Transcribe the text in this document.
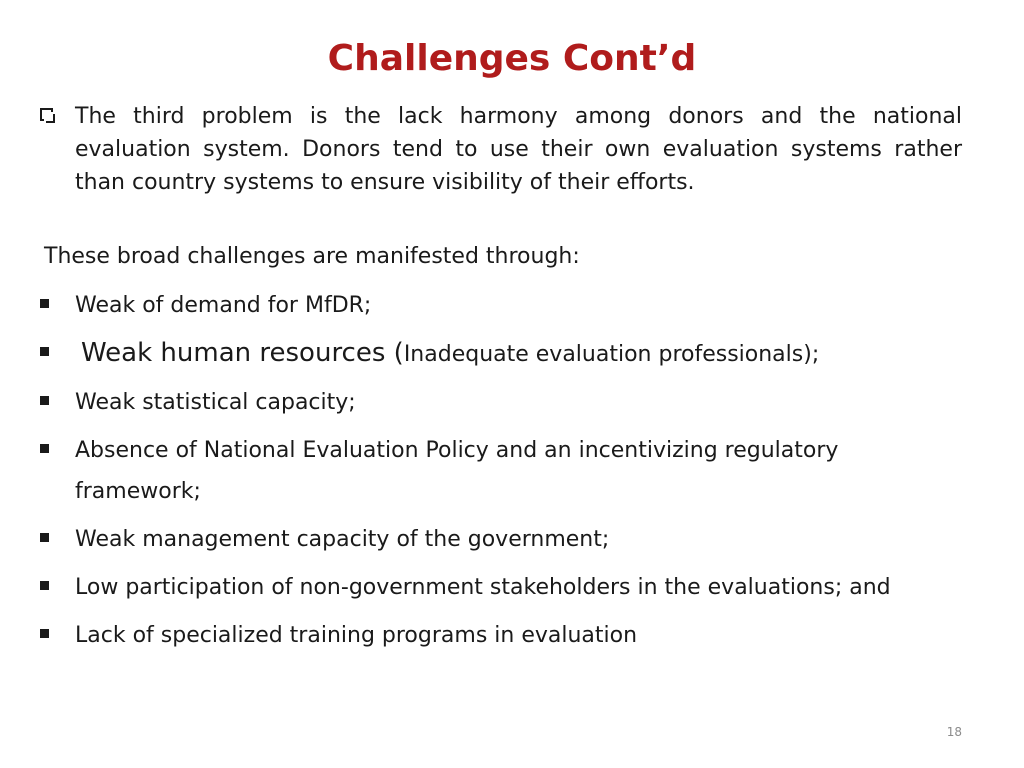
Challenges Cont’d

The third problem is the lack harmony among donors and the national evaluation system. Donors tend to use their own evaluation systems rather than country systems to ensure visibility of their efforts.

These broad challenges are manifested through:

Weak of demand for MfDR;
Weak human resources (Inadequate evaluation professionals);
Weak statistical capacity;
Absence of National Evaluation Policy and an incentivizing regulatory framework;
Weak management capacity of the government;
Low participation of non-government stakeholders in the evaluations; and
Lack of specialized training programs in evaluation
18
